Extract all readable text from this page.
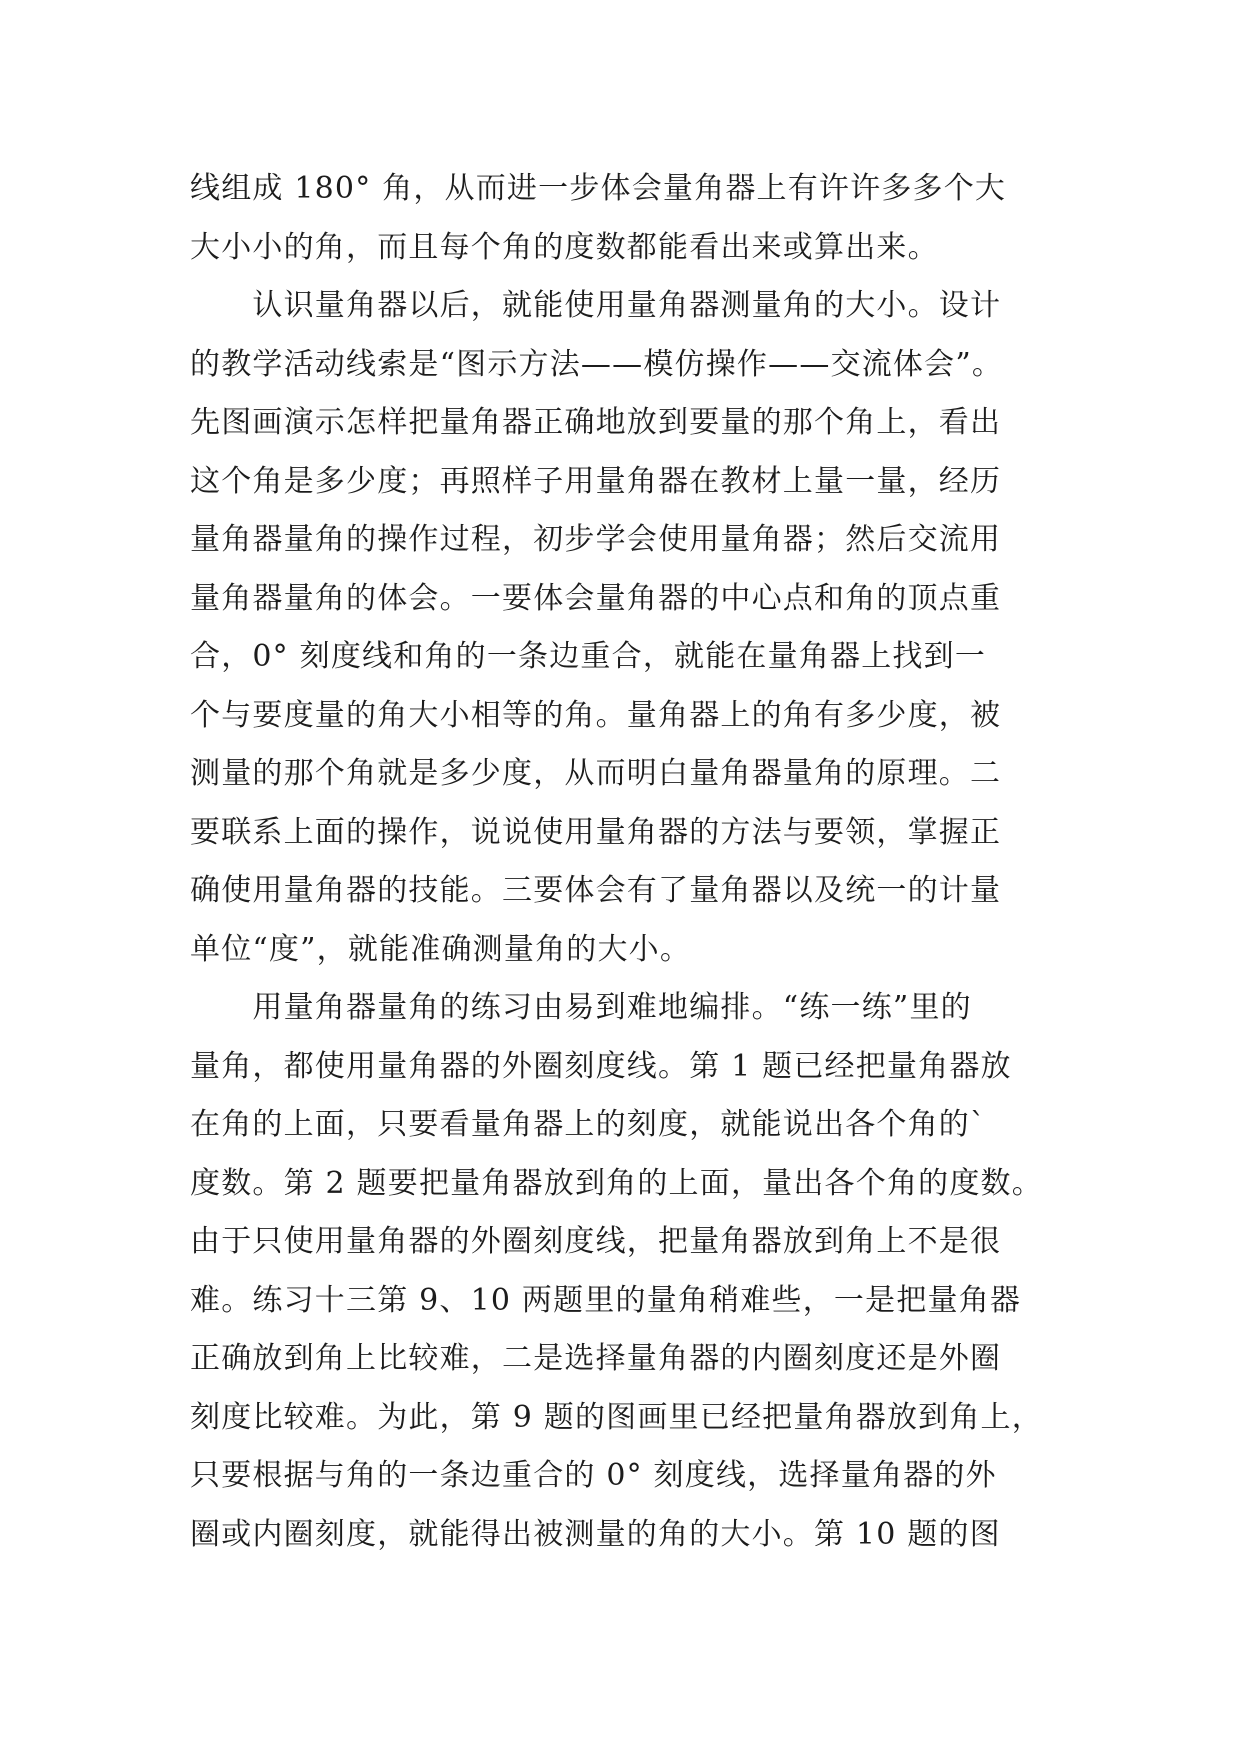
线组成 180° 角，从而进一步体会量角器上有许许多多个大
大小小的角，而且每个角的度数都能看出来或算出来。
　　认识量角器以后，就能使用量角器测量角的大小。设计
的教学活动线索是“图示方法——模仿操作——交流体会”。
先图画演示怎样把量角器正确地放到要量的那个角上，看出
这个角是多少度；再照样子用量角器在教材上量一量，经历
量角器量角的操作过程，初步学会使用量角器；然后交流用
量角器量角的体会。一要体会量角器的中心点和角的顶点重
合，0° 刻度线和角的一条边重合，就能在量角器上找到一
个与要度量的角大小相等的角。量角器上的角有多少度，被
测量的那个角就是多少度，从而明白量角器量角的原理。二
要联系上面的操作，说说使用量角器的方法与要领，掌握正
确使用量角器的技能。三要体会有了量角器以及统一的计量
单位“度”，就能准确测量角的大小。
　　用量角器量角的练习由易到难地编排。“练一练”里的
量角，都使用量角器的外圈刻度线。第 1 题已经把量角器放
在角的上面，只要看量角器上的刻度，就能说出各个角的`
度数。第 2 题要把量角器放到角的上面，量出各个角的度数。
由于只使用量角器的外圈刻度线，把量角器放到角上不是很
难。练习十三第 9、10 两题里的量角稍难些，一是把量角器
正确放到角上比较难，二是选择量角器的内圈刻度还是外圈
刻度比较难。为此，第 9 题的图画里已经把量角器放到角上，
只要根据与角的一条边重合的 0° 刻度线，选择量角器的外
圈或内圈刻度，就能得出被测量的角的大小。第 10 题的图
